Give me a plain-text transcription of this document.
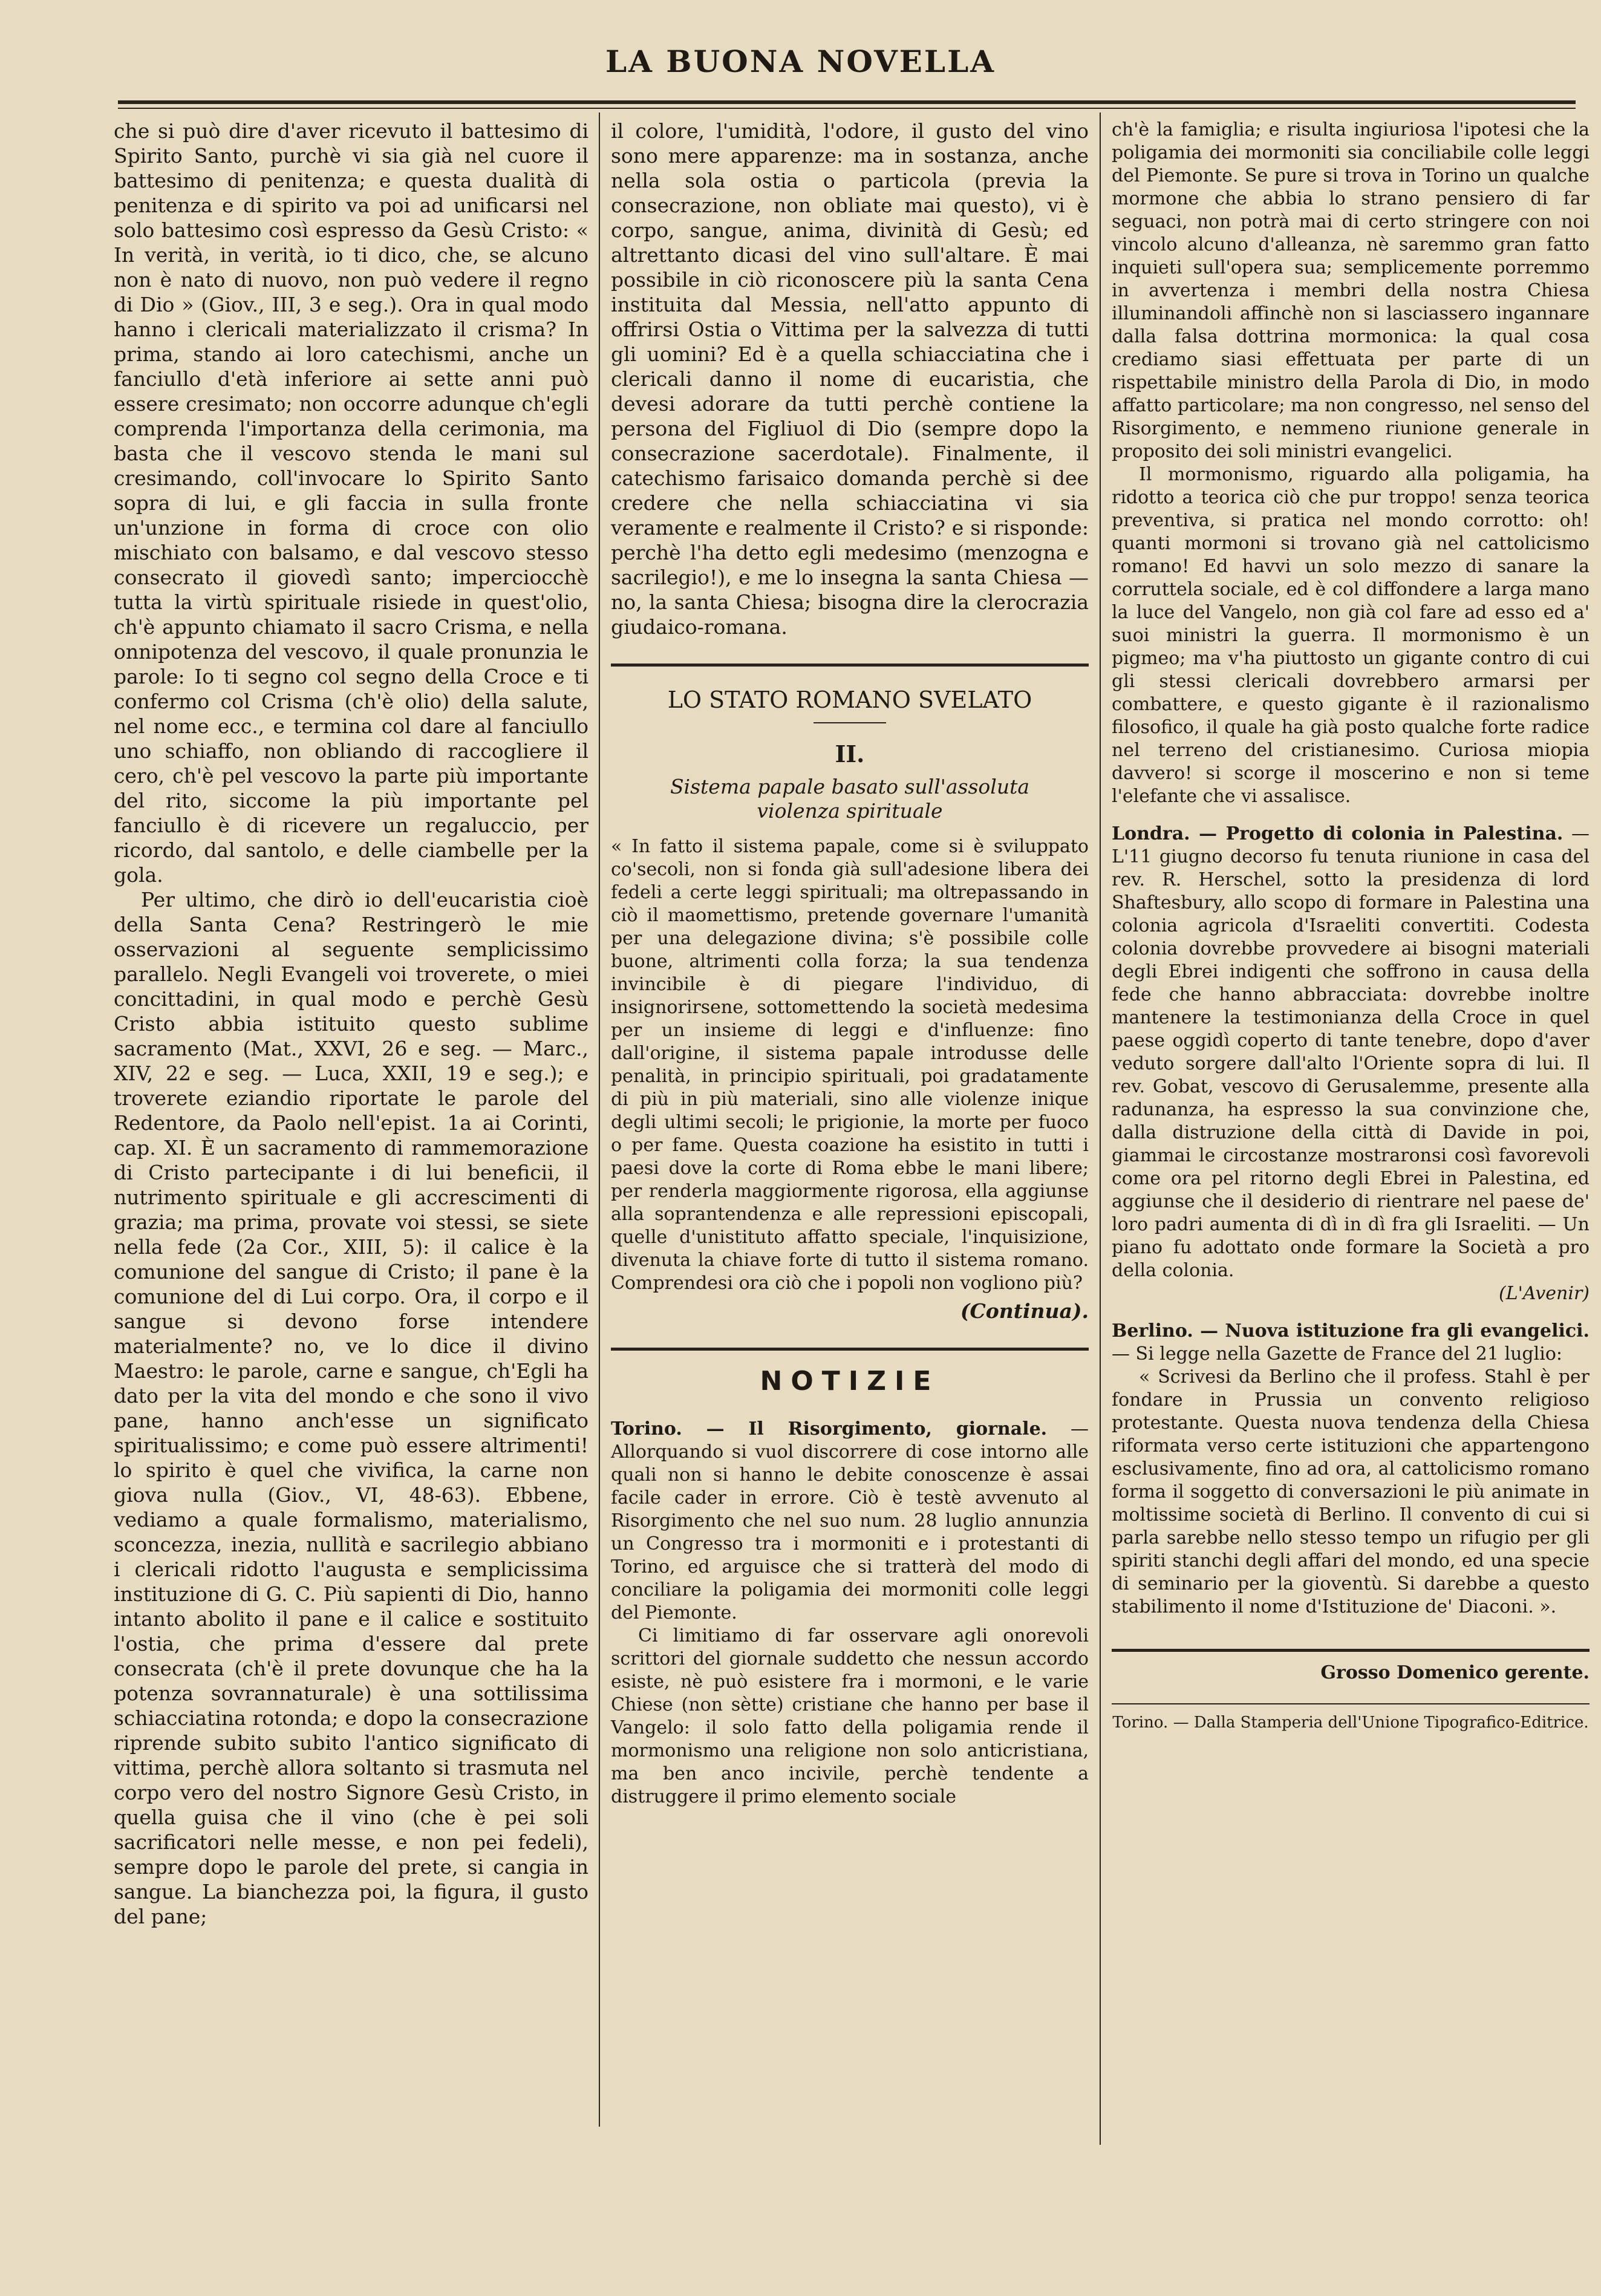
LA BUONA NOVELLA

che si può dire d'aver ricevuto il battesimo di Spirito Santo, purchè vi sia già nel cuore il battesimo di penitenza; e questa dualità di penitenza e di spirito va poi ad unificarsi nel solo battesimo così espresso da Gesù Cristo: « In verità, in verità, io ti dico, che, se alcuno non è nato di nuovo, non può vedere il regno di Dio » (Giov., III, 3 e seg.). Ora in qual modo hanno i clericali materializzato il crisma? In prima, stando ai loro catechismi, anche un fanciullo d'età inferiore ai sette anni può essere cresimato; non occorre adunque ch'egli comprenda l'importanza della cerimonia, ma basta che il vescovo stenda le mani sul cresimando, coll'invocare lo Spirito Santo sopra di lui, e gli faccia in sulla fronte un'unzione in forma di croce con olio mischiato con balsamo, e dal vescovo stesso consecrato il giovedì santo; imperciocchè tutta la virtù spirituale risiede in quest'olio, ch'è appunto chiamato il sacro Crisma, e nella onnipotenza del vescovo, il quale pronunzia le parole: Io ti segno col segno della Croce e ti confermo col Crisma (ch'è olio) della salute, nel nome ecc., e termina col dare al fanciullo uno schiaffo, non obliando di raccogliere il cero, ch'è pel vescovo la parte più importante del rito, siccome la più importante pel fanciullo è di ricevere un regaluccio, per ricordo, dal santolo, e delle ciambelle per la gola.

Per ultimo, che dirò io dell'eucaristia cioè della Santa Cena? Restringerò le mie osservazioni al seguente semplicissimo parallelo. Negli Evangeli voi troverete, o miei concittadini, in qual modo e perchè Gesù Cristo abbia istituito questo sublime sacramento (Mat., XXVI, 26 e seg. — Marc., XIV, 22 e seg. — Luca, XXII, 19 e seg.); e troverete eziandio riportate le parole del Redentore, da Paolo nell'epist. 1a ai Corinti, cap. XI. È un sacramento di rammemorazione di Cristo partecipante i di lui beneficii, il nutrimento spirituale e gli accrescimenti di grazia; ma prima, provate voi stessi, se siete nella fede (2a Cor., XIII, 5): il calice è la comunione del sangue di Cristo; il pane è la comunione del di Lui corpo. Ora, il corpo e il sangue si devono forse intendere materialmente? no, ve lo dice il divino Maestro: le parole, carne e sangue, ch'Egli ha dato per la vita del mondo e che sono il vivo pane, hanno anch'esse un significato spiritualissimo; e come può essere altrimenti! lo spirito è quel che vivifica, la carne non giova nulla (Giov., VI, 48-63). Ebbene, vediamo a quale formalismo, materialismo, sconcezza, inezia, nullità e sacrilegio abbiano i clericali ridotto l'augusta e semplicissima instituzione di G. C. Più sapienti di Dio, hanno intanto abolito il pane e il calice e sostituito l'ostia, che prima d'essere dal prete consecrata (ch'è il prete dovunque che ha la potenza sovrannaturale) è una sottilissima schiacciatina rotonda; e dopo la consecrazione riprende subito subito l'antico significato di vittima, perchè allora soltanto si trasmuta nel corpo vero del nostro Signore Gesù Cristo, in quella guisa che il vino (che è pei soli sacrificatori nelle messe, e non pei fedeli), sempre dopo le parole del prete, si cangia in sangue. La bianchezza poi, la figura, il gusto del pane;

il colore, l'umidità, l'odore, il gusto del vino sono mere apparenze: ma in sostanza, anche nella sola ostia o particola (previa la consecrazione, non obliate mai questo), vi è corpo, sangue, anima, divinità di Gesù; ed altrettanto dicasi del vino sull'altare. È mai possibile in ciò riconoscere più la santa Cena instituita dal Messia, nell'atto appunto di offrirsi Ostia o Vittima per la salvezza di tutti gli uomini? Ed è a quella schiacciatina che i clericali danno il nome di eucaristia, che devesi adorare da tutti perchè contiene la persona del Figliuol di Dio (sempre dopo la consecrazione sacerdotale). Finalmente, il catechismo farisaico domanda perchè si dee credere che nella schiacciatina vi sia veramente e realmente il Cristo? e si risponde: perchè l'ha detto egli medesimo (menzogna e sacrilegio!), e me lo insegna la santa Chiesa — no, la santa Chiesa; bisogna dire la clerocrazia giudaico-romana.

LO STATO ROMANO SVELATO
II.
Sistema papale basato sull'assoluta
violenza spirituale

« In fatto il sistema papale, come si è sviluppato co'secoli, non si fonda già sull'adesione libera dei fedeli a certe leggi spirituali; ma oltrepassando in ciò il maomettismo, pretende governare l'umanità per una delegazione divina; s'è possibile colle buone, altrimenti colla forza; la sua tendenza invincibile è di piegare l'individuo, di insignorirsene, sottomettendo la società medesima per un insieme di leggi e d'influenze: fino dall'origine, il sistema papale introdusse delle penalità, in principio spirituali, poi gradatamente di più in più materiali, sino alle violenze inique degli ultimi secoli; le prigionie, la morte per fuoco o per fame. Questa coazione ha esistito in tutti i paesi dove la corte di Roma ebbe le mani libere; per renderla maggiormente rigorosa, ella aggiunse alla soprantendenza e alle repressioni episcopali, quelle d'unistituto affatto speciale, l'inquisizione, divenuta la chiave forte di tutto il sistema romano. Comprendesi ora ciò che i popoli non vogliono più?

(Continua).
NOTIZIE

Torino. — Il Risorgimento, giornale. — Allorquando si vuol discorrere di cose intorno alle quali non si hanno le debite conoscenze è assai facile cader in errore. Ciò è testè avvenuto al Risorgimento che nel suo num. 28 luglio annunzia un Congresso tra i mormoniti e i protestanti di Torino, ed arguisce che si tratterà del modo di conciliare la poligamia dei mormoniti colle leggi del Piemonte.

Ci limitiamo di far osservare agli onorevoli scrittori del giornale suddetto che nessun accordo esiste, nè può esistere fra i mormoni, e le varie Chiese (non sètte) cristiane che hanno per base il Vangelo: il solo fatto della poligamia rende il mormonismo una religione non solo anticristiana, ma ben anco incivile, perchè tendente a distruggere il primo elemento sociale

ch'è la famiglia; e risulta ingiuriosa l'ipotesi che la poligamia dei mormoniti sia conciliabile colle leggi del Piemonte. Se pure si trova in Torino un qualche mormone che abbia lo strano pensiero di far seguaci, non potrà mai di certo stringere con noi vincolo alcuno d'alleanza, nè saremmo gran fatto inquieti sull'opera sua; semplicemente porremmo in avvertenza i membri della nostra Chiesa illuminandoli affinchè non si lasciassero ingannare dalla falsa dottrina mormonica: la qual cosa crediamo siasi effettuata per parte di un rispettabile ministro della Parola di Dio, in modo affatto particolare; ma non congresso, nel senso del Risorgimento, e nemmeno riunione generale in proposito dei soli ministri evangelici.

Il mormonismo, riguardo alla poligamia, ha ridotto a teorica ciò che pur troppo! senza teorica preventiva, si pratica nel mondo corrotto: oh! quanti mormoni si trovano già nel cattolicismo romano! Ed havvi un solo mezzo di sanare la corruttela sociale, ed è col diffondere a larga mano la luce del Vangelo, non già col fare ad esso ed a' suoi ministri la guerra. Il mormonismo è un pigmeo; ma v'ha piuttosto un gigante contro di cui gli stessi clericali dovrebbero armarsi per combattere, e questo gigante è il razionalismo filosofico, il quale ha già posto qualche forte radice nel terreno del cristianesimo. Curiosa miopia davvero! si scorge il moscerino e non si teme l'elefante che vi assalisce.

Londra. — Progetto di colonia in Palestina. — L'11 giugno decorso fu tenuta riunione in casa del rev. R. Herschel, sotto la presidenza di lord Shaftesbury, allo scopo di formare in Palestina una colonia agricola d'Israeliti convertiti. Codesta colonia dovrebbe provvedere ai bisogni materiali degli Ebrei indigenti che soffrono in causa della fede che hanno abbracciata: dovrebbe inoltre mantenere la testimonianza della Croce in quel paese oggidì coperto di tante tenebre, dopo d'aver veduto sorgere dall'alto l'Oriente sopra di lui. Il rev. Gobat, vescovo di Gerusalemme, presente alla radunanza, ha espresso la sua convinzione che, dalla distruzione della città di Davide in poi, giammai le circostanze mostraronsi così favorevoli come ora pel ritorno degli Ebrei in Palestina, ed aggiunse che il desiderio di rientrare nel paese de' loro padri aumenta di dì in dì fra gli Israeliti. — Un piano fu adottato onde formare la Società a pro della colonia.

(L'Avenir)

Berlino. — Nuova istituzione fra gli evangelici. — Si legge nella Gazette de France del 21 luglio:

« Scrivesi da Berlino che il profess. Stahl è per fondare in Prussia un convento religioso protestante. Questa nuova tendenza della Chiesa riformata verso certe istituzioni che appartengono esclusivamente, fino ad ora, al cattolicismo romano forma il soggetto di conversazioni le più animate in moltissime società di Berlino. Il convento di cui si parla sarebbe nello stesso tempo un rifugio per gli spiriti stanchi degli affari del mondo, ed una specie di seminario per la gioventù. Si darebbe a questo stabilimento il nome d'Istituzione de' Diaconi. ».

Grosso Domenico gerente.
Torino. — Dalla Stamperia dell'Unione Tipografico-Editrice.
